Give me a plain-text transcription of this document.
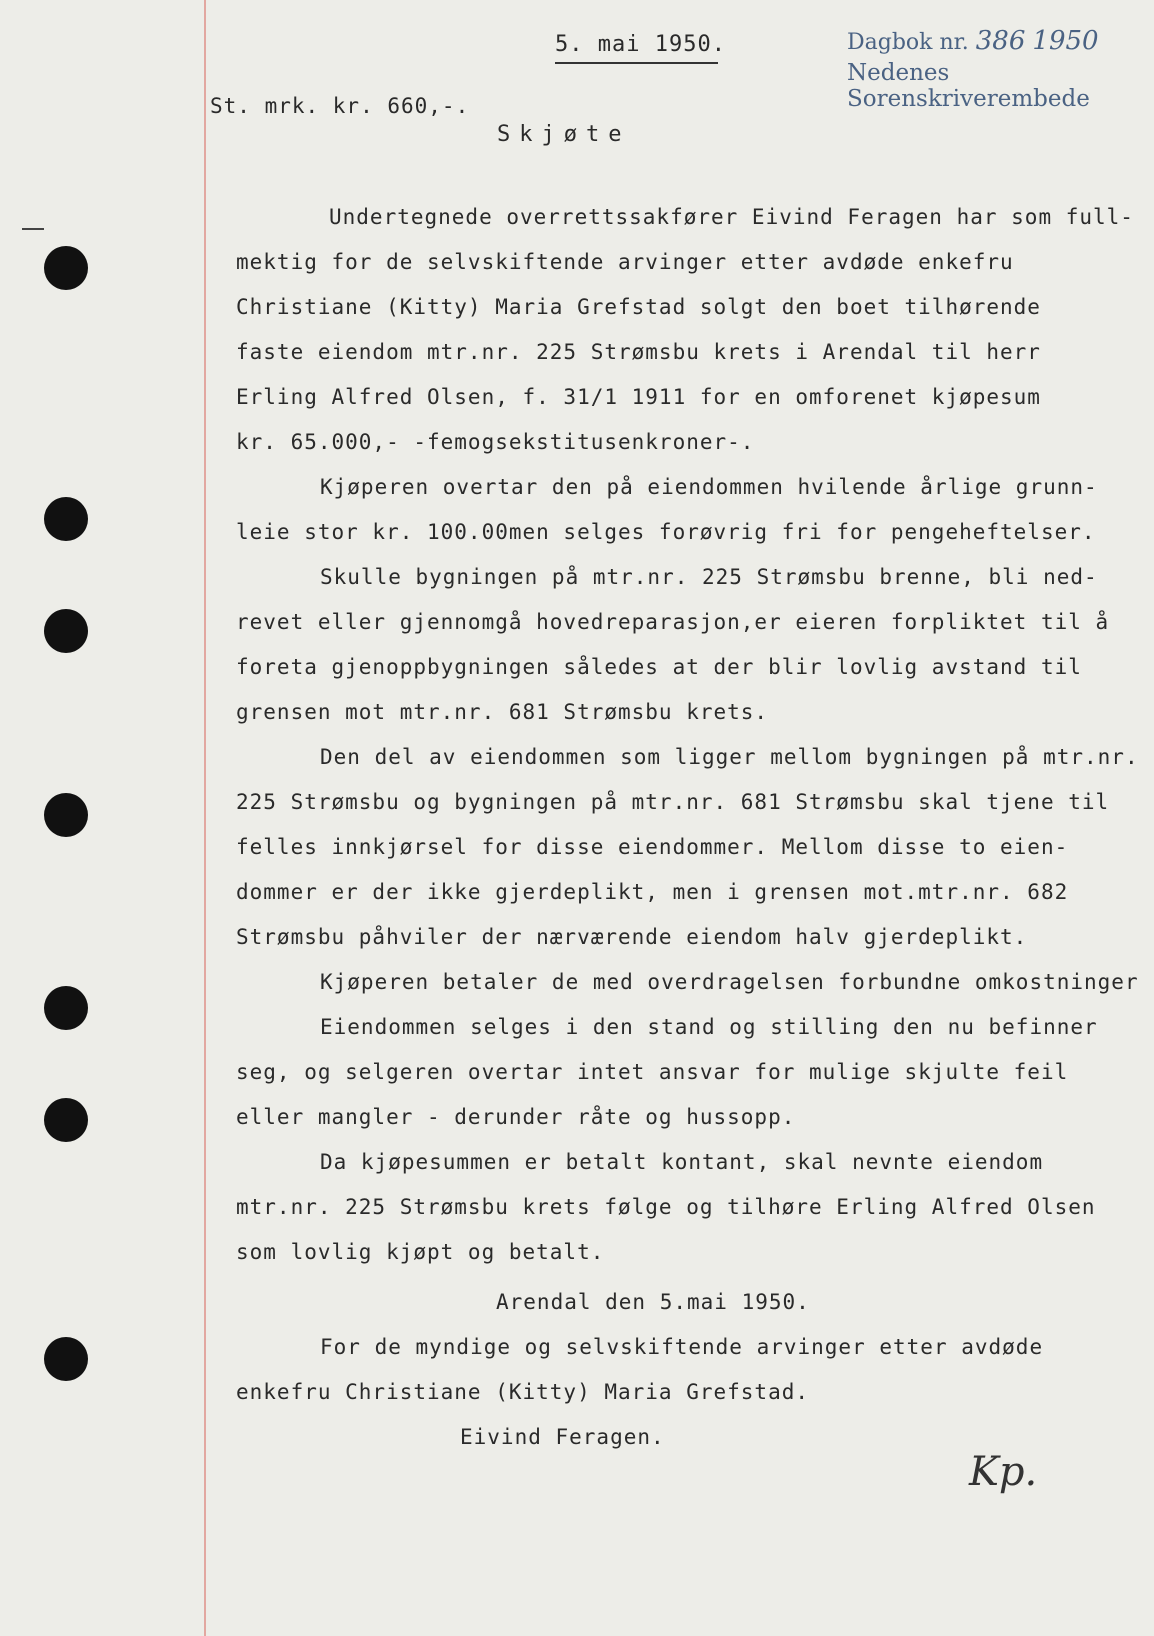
5. mai 1950.	Dagbok nr. 386 1950
Nedenes Sorenskriverembede
St. mrk. kr. 660,-.
Skjøte
Undertegnede overrettssakfører Eivind Feragen har som full-
mektig for de selvskiftende arvinger etter avdøde enkefru
Christiane (Kitty) Maria Grefstad solgt den boet tilhørende
faste eiendom mtr.nr. 225 Strømsbu krets i Arendal til herr
Erling Alfred Olsen, f. 31/1 1911 for en omforenet kjøpesum
kr. 65.000,- -femogsekstitusenkroner-.
Kjøperen overtar den på eiendommen hvilende årlige grunn-
leie stor kr. 100.00men selges forøvrig fri for pengeheftelser.
Skulle bygningen på mtr.nr. 225 Strømsbu brenne, bli ned-
revet eller gjennomgå hovedreparasjon,er eieren forpliktet til å
foreta gjenoppbygningen således at der blir lovlig avstand til
grensen mot mtr.nr. 681 Strømsbu krets.
Den del av eiendommen som ligger mellom bygningen på mtr.nr.
225 Strømsbu og bygningen på mtr.nr. 681 Strømsbu skal tjene til
felles innkjørsel for disse eiendommer. Mellom disse to eien-
dommer er der ikke gjerdeplikt, men i grensen mot.mtr.nr. 682
Strømsbu påhviler der nærværende eiendom halv gjerdeplikt.
Kjøperen betaler de med overdragelsen forbundne omkostninger
Eiendommen selges i den stand og stilling den nu befinner
seg, og selgeren overtar intet ansvar for mulige skjulte feil
eller mangler - derunder råte og hussopp.
Da kjøpesummen er betalt kontant, skal nevnte eiendom
mtr.nr. 225 Strømsbu krets følge og tilhøre Erling Alfred Olsen
som lovlig kjøpt og betalt.
Arendal den 5.mai 1950.
For de myndige og selvskiftende arvinger etter avdøde
enkefru Christiane (Kitty) Maria Grefstad.
Eivind Feragen.
Kp.
